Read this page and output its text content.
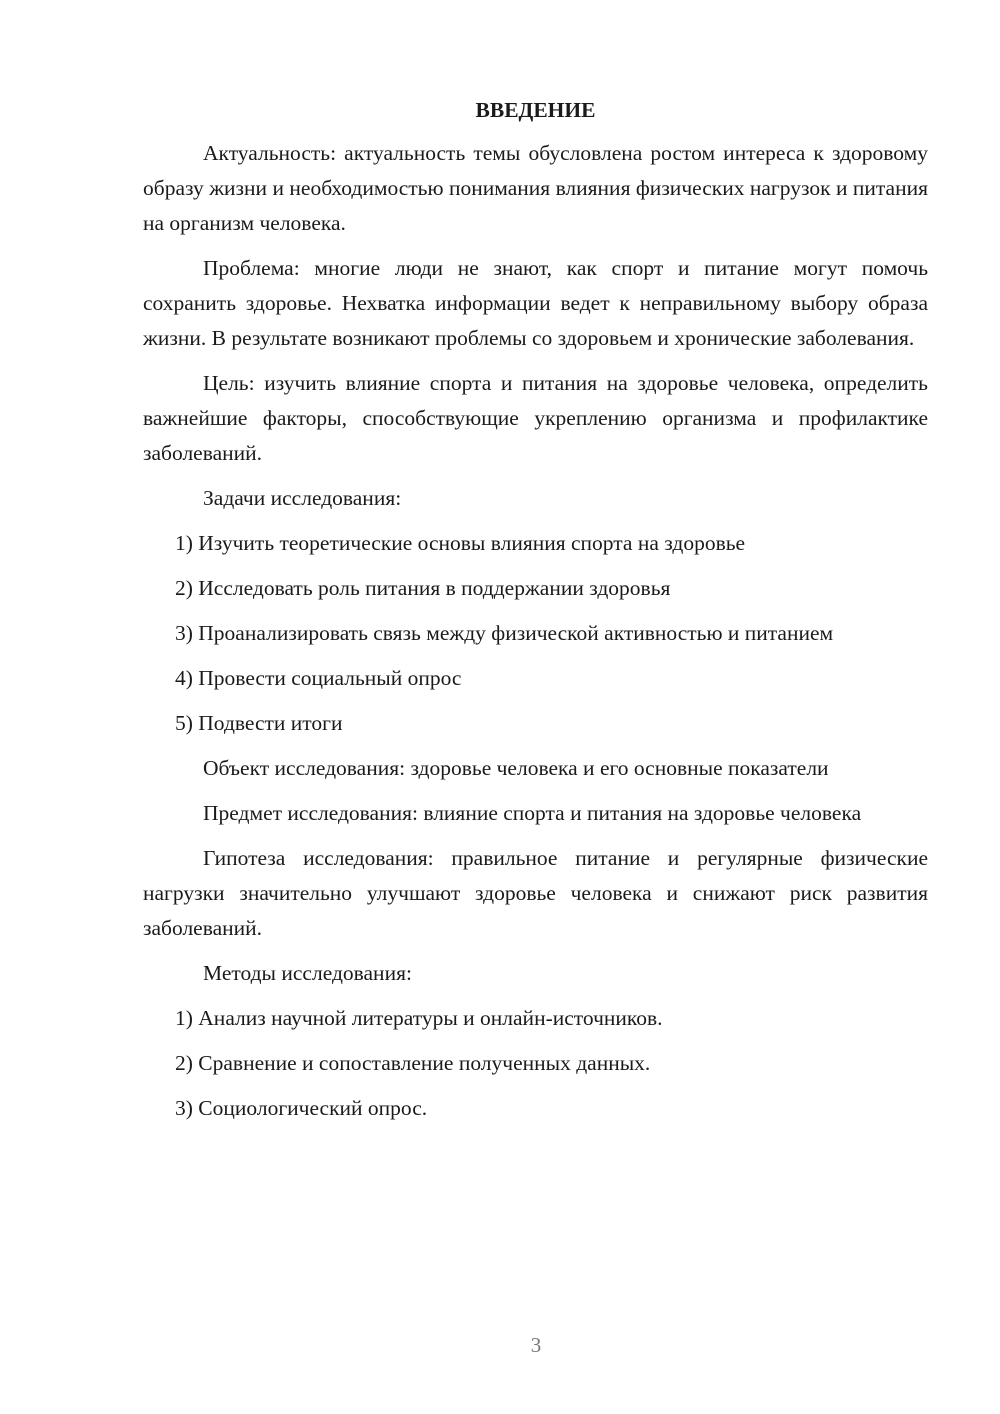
ВВЕДЕНИЕ

Актуальность: актуальность темы обусловлена ростом интереса к здоровому образу жизни и необходимостью понимания влияния физических нагрузок и питания на организм человека.

Проблема: многие люди не знают, как спорт и питание могут помочь сохранить здоровье. Нехватка информации ведет к неправильному выбору образа жизни. В результате возникают проблемы со здоровьем и хронические заболевания.

Цель: изучить влияние спорта и питания на здоровье человека, определить важнейшие факторы, способствующие укреплению организма и профилактике заболеваний.

Задачи исследования:

1) Изучить теоретические основы влияния спорта на здоровье

2) Исследовать роль питания в поддержании здоровья

3) Проанализировать связь между физической активностью и питанием

4) Провести социальный опрос

5) Подвести итоги

Объект исследования: здоровье человека и его основные показатели

Предмет исследования: влияние спорта и питания на здоровье человека

Гипотеза исследования: правильное питание и регулярные физические нагрузки значительно улучшают здоровье человека и снижают риск развития заболеваний.

Методы исследования:

1) Анализ научной литературы и онлайн-источников.

2) Сравнение и сопоставление полученных данных.

3) Социологический опрос.

3
